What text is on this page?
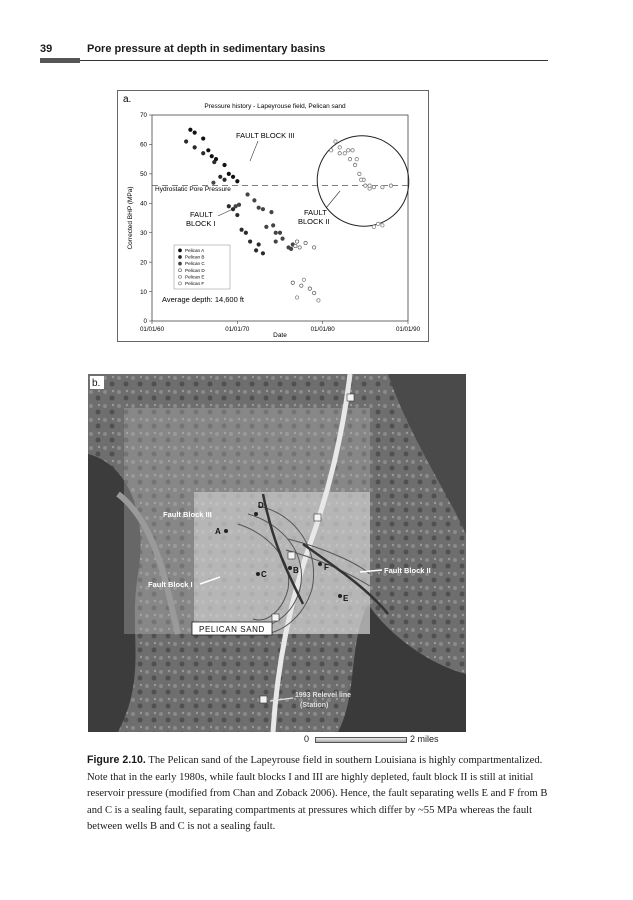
39	Pore pressure at depth in sedimentary basins
a.
Pressure history - Lapeyrouse field, Pelican sand
0
10
20
30
40
50
60
70
01/01/60	01/01/70	01/01/80	01/01/90
Corrected BHP (MPa)
Date
Hydrostatic Pore Pressure
FAULT BLOCK III
FAULT
BLOCK I
FAULT
BLOCK II
Pelican A
Pelican B
Pelican C
Pelican D
Pelican E
Pelican F
Average depth: 14,600 ft
Fault Block III
Fault Block I
Fault Block II
A
B
C
D
E
F
PELICAN SAND
1993 Relevel line
(Station)
b.
0	2 miles
Figure 2.10. The Pelican sand of the Lapeyrouse field in southern Louisiana is highly compartmentalized. Note that in the early 1980s, while fault blocks I and III are highly depleted, fault block II is still at initial reservoir pressure (modified from Chan and Zoback 2006). Hence, the fault separating wells E and F from B and C is a sealing fault, separating compartments at pressures which differ by ~55 MPa whereas the fault between wells B and C is not a sealing fault.
